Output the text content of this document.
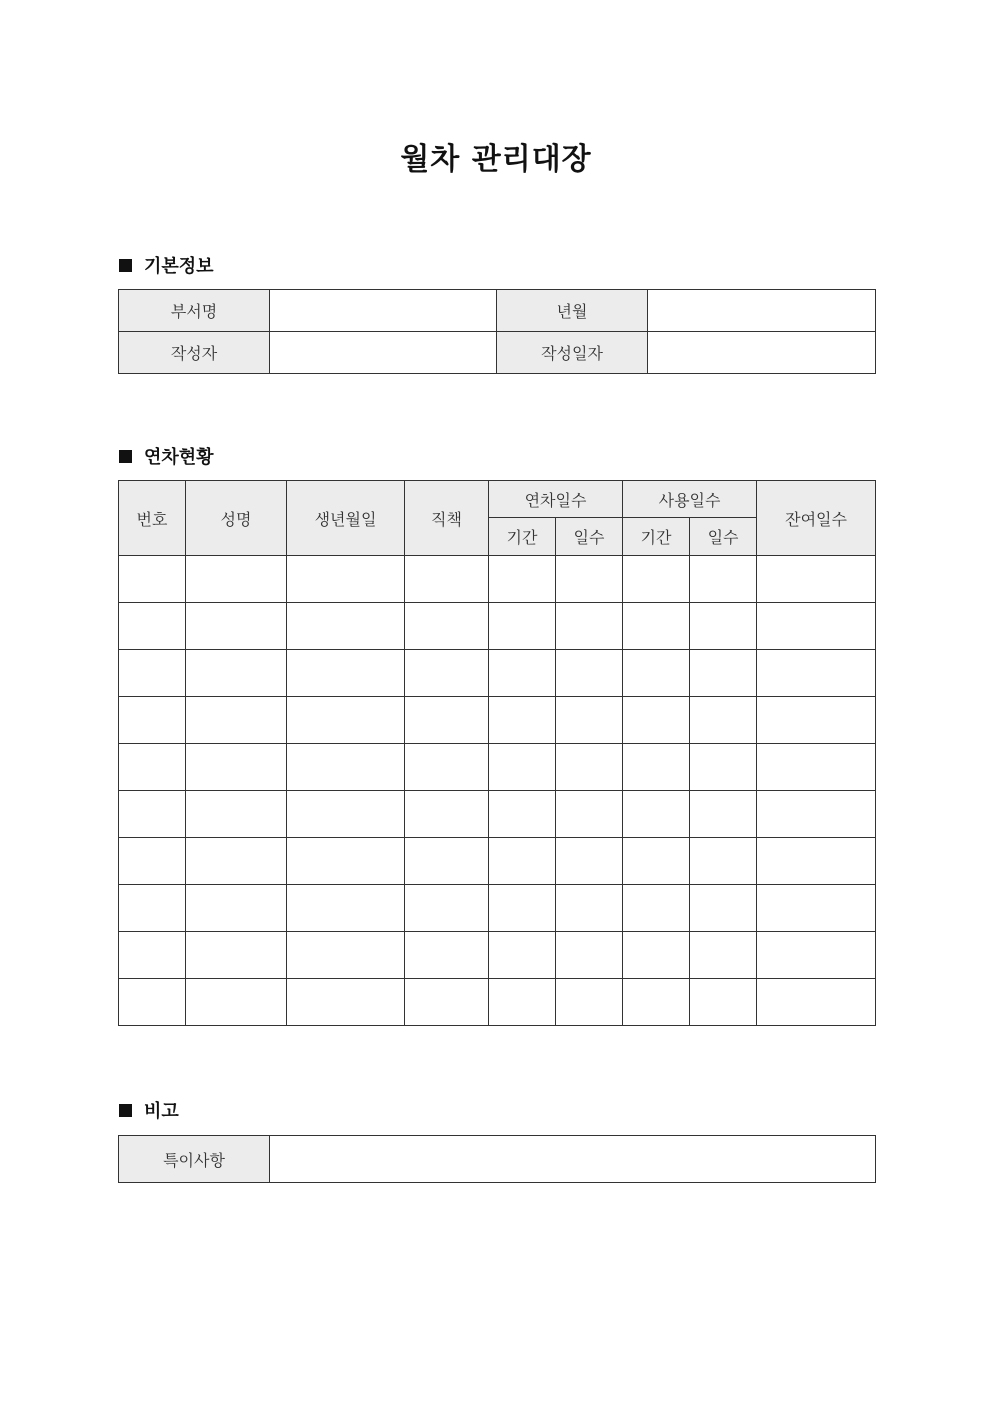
월차 관리대장
기본정보
부서명		년월	
작성자		작성일자	
연차현황
번호	성명	생년월일	직책	연차일수		사용일수		잔여일수
				기간	일수	기간	일수	

비고
특이사항	
